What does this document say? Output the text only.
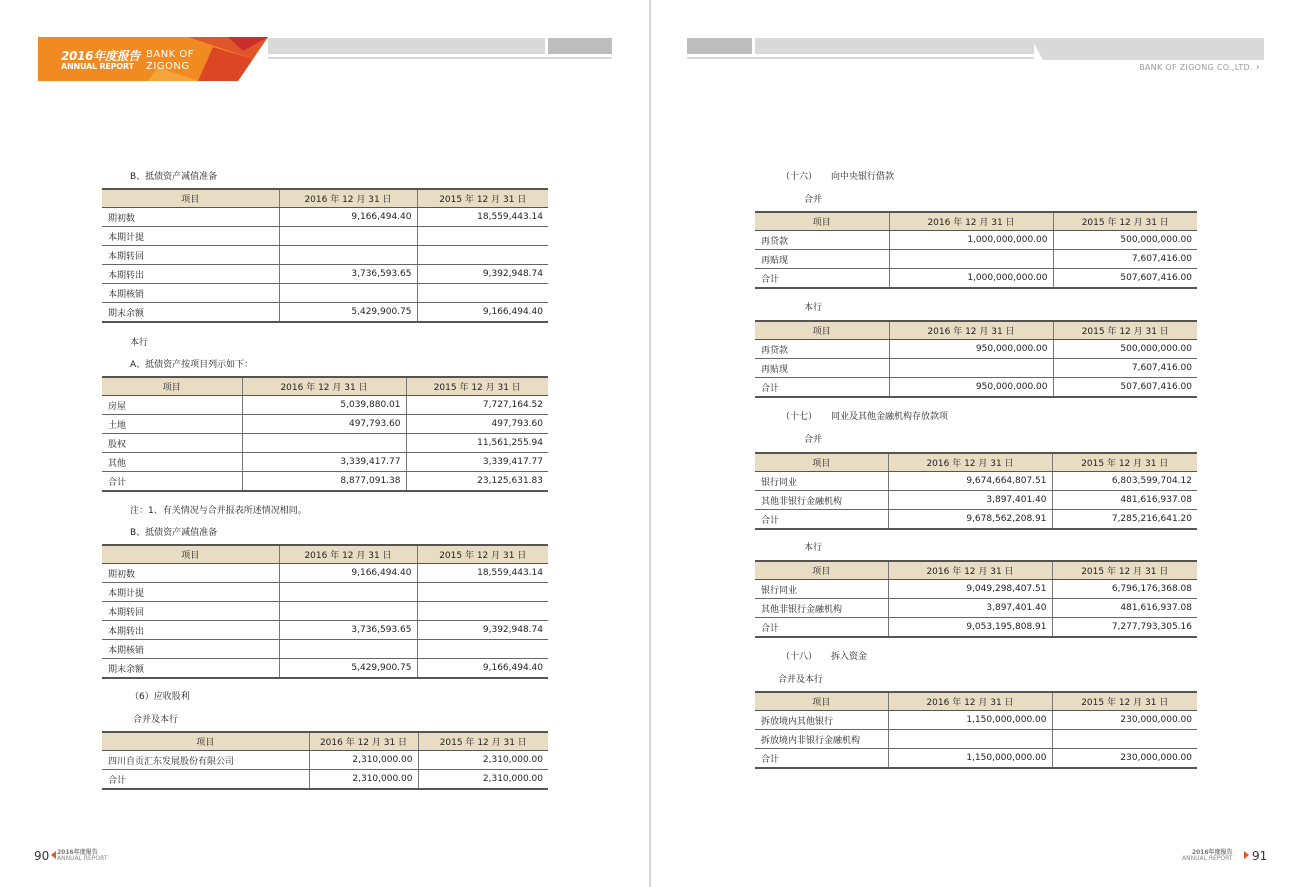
2016年度报告
ANNUAL REPORT
BANK OF
ZIGONG
B、抵债资产减值准备
项目	2016 年 12 月 31 日	2015 年 12 月 31 日
期初数	9,166,494.40	18,559,443.14
本期计提		
本期转回		
本期转出	3,736,593.65	9,392,948.74
本期核销		
期末余额	5,429,900.75	9,166,494.40
本行
A、抵债资产按项目列示如下：
项目	2016 年 12 月 31 日	2015 年 12 月 31 日
房屋	5,039,880.01	7,727,164.52
土地	497,793.60	497,793.60
股权		11,561,255.94
其他	3,339,417.77	3,339,417.77
合计	8,877,091.38	23,125,631.83
注：1、有关情况与合并报表所述情况相同。
B、抵债资产减值准备
项目	2016 年 12 月 31 日	2015 年 12 月 31 日
期初数	9,166,494.40	18,559,443.14
本期计提		
本期转回		
本期转出	3,736,593.65	9,392,948.74
本期核销		
期末余额	5,429,900.75	9,166,494.40
（6）应收股利
合并及本行
项目	2016 年 12 月 31 日	2015 年 12 月 31 日
四川自贡汇东发展股份有限公司	2,310,000.00	2,310,000.00
合计	2,310,000.00	2,310,000.00
90 2016年度报告
ANNUAL REPORT
BANK OF ZIGONG CO.,LTD. ›
（十六） 向中央银行借款
合并
项目	2016 年 12 月 31 日	2015 年 12 月 31 日
再贷款	1,000,000,000.00	500,000,000.00
再贴现		7,607,416.00
合计	1,000,000,000.00	507,607,416.00
本行
项目	2016 年 12 月 31 日	2015 年 12 月 31 日
再贷款	950,000,000.00	500,000,000.00
再贴现		7,607,416.00
合计	950,000,000.00	507,607,416.00
（十七） 同业及其他金融机构存放款项
合并
项目	2016 年 12 月 31 日	2015 年 12 月 31 日
银行同业	9,674,664,807.51	6,803,599,704.12
其他非银行金融机构	3,897,401.40	481,616,937.08
合计	9,678,562,208.91	7,285,216,641.20
本行
项目	2016 年 12 月 31 日	2015 年 12 月 31 日
银行同业	9,049,298,407.51	6,796,176,368.08
其他非银行金融机构	3,897,401.40	481,616,937.08
合计	9,053,195,808.91	7,277,793,305.16
（十八） 拆入资金
合并及本行
项目	2016 年 12 月 31 日	2015 年 12 月 31 日
拆放境内其他银行	1,150,000,000.00	230,000,000.00
拆放境内非银行金融机构		
合计	1,150,000,000.00	230,000,000.00
2016年度报告
ANNUAL REPORT 91
